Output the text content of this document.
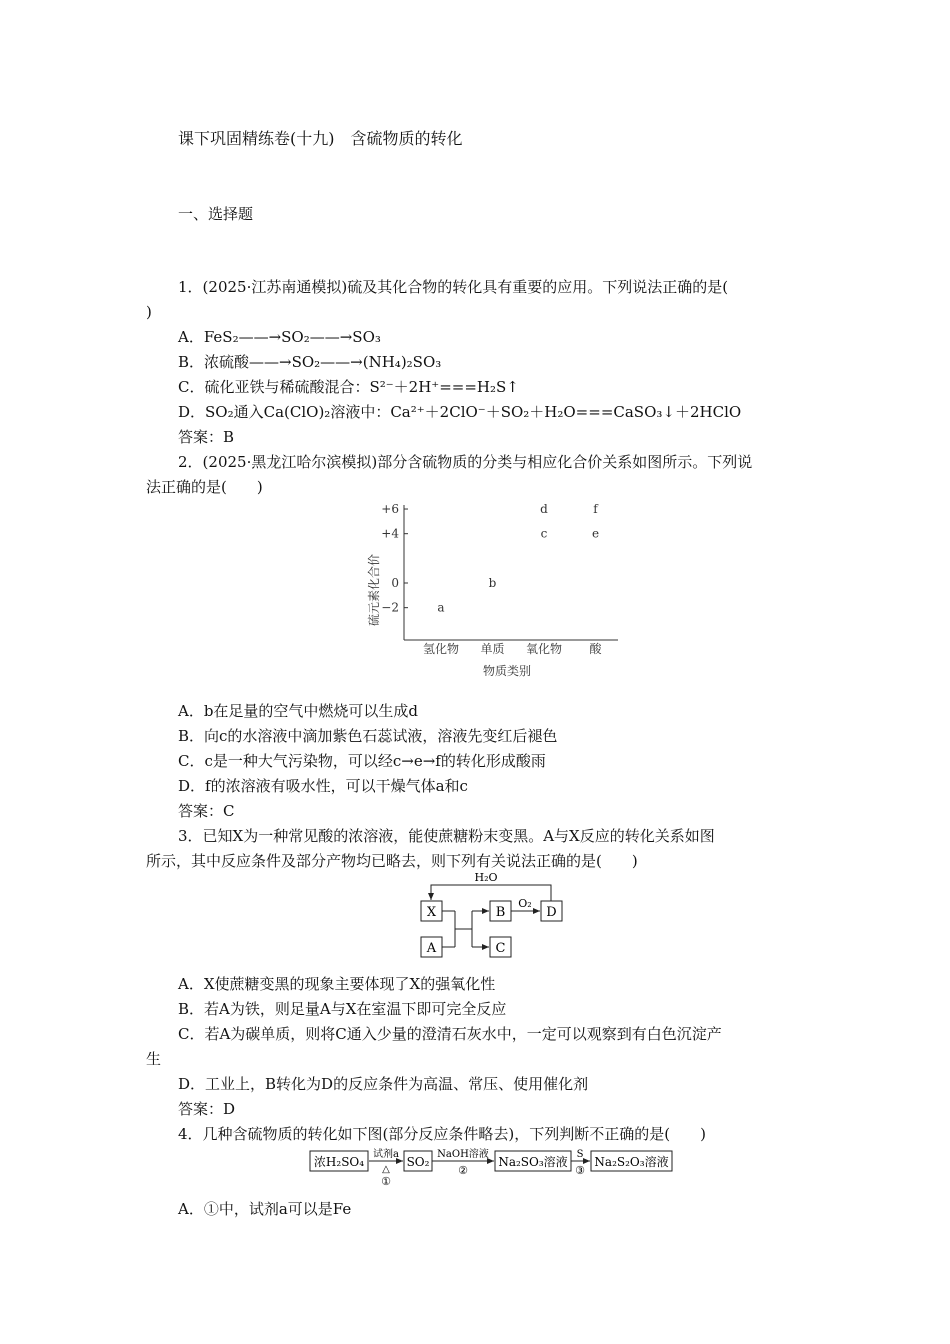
课下巩固精练卷(十九)　含硫物质的转化
一、选择题
1．(2025·江苏南通模拟)硫及其化合物的转化具有重要的应用。下列说法正确的是(
)
A．FeS₂——→SO₂——→SO₃
B．浓硫酸——→SO₂——→(NH₄)₂SO₃
C．硫化亚铁与稀硫酸混合：S²⁻＋2H⁺===H₂S↑
D．SO₂通入Ca(ClO)₂溶液中：Ca²⁺＋2ClO⁻＋SO₂＋H₂O===CaSO₃↓＋2HClO
答案：B
2．(2025·黑龙江哈尔滨模拟)部分含硫物质的分类与相应化合价关系如图所示。下列说
法正确的是(　　)
硫元素化合价
+6
+4
0
−2
氢化物 单质 氧化物 酸
a
b
c
d
e
f
物质类别
A．b在足量的空气中燃烧可以生成d
B．向c的水溶液中滴加紫色石蕊试液，溶液先变红后褪色
C．c是一种大气污染物，可以经c→e→f的转化形成酸雨
D．f的浓溶液有吸水性，可以干燥气体a和c
答案：C
3．已知X为一种常见酸的浓溶液，能使蔗糖粉末变黑。A与X反应的转化关系如图
所示，其中反应条件及部分产物均已略去，则下列有关说法正确的是(　　)
H₂O
X
A
B
C
O₂
D
A．X使蔗糖变黑的现象主要体现了X的强氧化性
B．若A为铁，则足量A与X在室温下即可完全反应
C．若A为碳单质，则将C通入少量的澄清石灰水中，一定可以观察到有白色沉淀产
生
D．工业上，B转化为D的反应条件为高温、常压、使用催化剂
答案：D
4．几种含硫物质的转化如下图(部分反应条件略去)，下列判断不正确的是(　　)
浓H₂SO₄
试剂a
△
①
SO₂
NaOH溶液
②
Na₂SO₃溶液
S
③
Na₂S₂O₃溶液
A．①中，试剂a可以是Fe
